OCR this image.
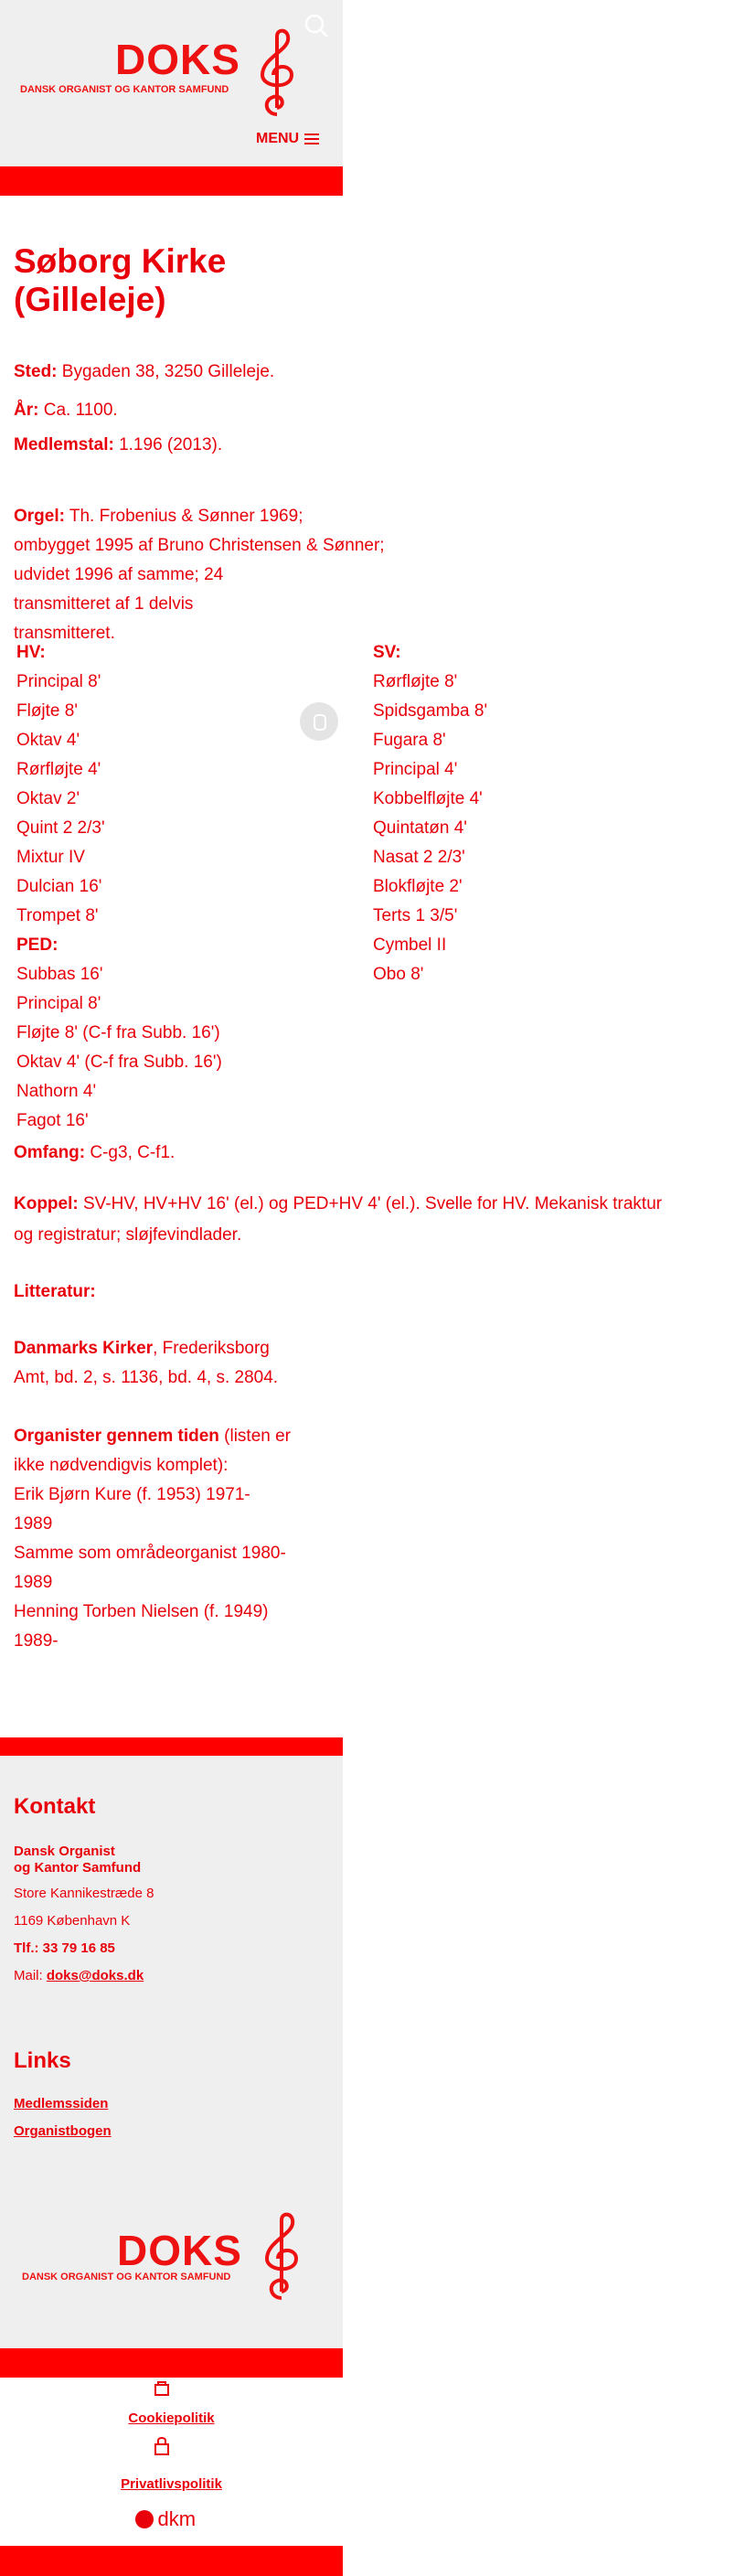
DOKS
DANSK ORGANIST OG KANTOR SAMFUND
MENU
Søborg Kirke
(Gilleleje)
Sted: Bygaden 38, 3250 Gilleleje.
År: Ca. 1100.
Medlemstal: 1.196 (2013).
Orgel: Th. Frobenius & Sønner 1969;
ombygget 1995 af Bruno Christensen & Sønner;
udvidet 1996 af samme; 24
transmitteret af 1 delvis
transmitteret.
HV:
Principal 8'
Fløjte 8'
Oktav 4'
Rørfløjte 4'
Oktav 2'
Quint 2 2/3'
Mixtur IV
Dulcian 16'
Trompet 8'
PED:
Subbas 16'
Principal 8'
Fløjte 8' (C-f fra Subb. 16')
Oktav 4' (C-f fra Subb. 16')
Nathorn 4'
Fagot 16'
SV:
Rørfløjte 8'
Spidsgamba 8'
Fugara 8'
Principal 4'
Kobbelfløjte 4'
Quintatøn 4'
Nasat 2 2/3'
Blokfløjte 2'
Terts 1 3/5'
Cymbel II
Obo 8'
Omfang: C-g3, C-f1.
Koppel: SV-HV, HV+HV 16' (el.) og PED+HV 4' (el.). Svelle for HV. Mekanisk traktur
og registratur; sløjfevindlader.
Litteratur:
Danmarks Kirker, Frederiksborg
Amt, bd. 2, s. 1136, bd. 4, s. 2804.
Organister gennem tiden (listen er
ikke nødvendigvis komplet):
Erik Bjørn Kure (f. 1953) 1971-
1989
Samme som områdeorganist 1980-
1989
Henning Torben Nielsen (f. 1949)
1989-
Kontakt
Dansk Organist
og Kantor Samfund
Store Kannikestræde 8
1169 København K
Tlf.: 33 79 16 85
Mail: doks@doks.dk
Links
Medlemssiden
Organistbogen
DOKS
DANSK ORGANIST OG KANTOR SAMFUND
Cookiepolitik
Privatlivspolitik
dkm
